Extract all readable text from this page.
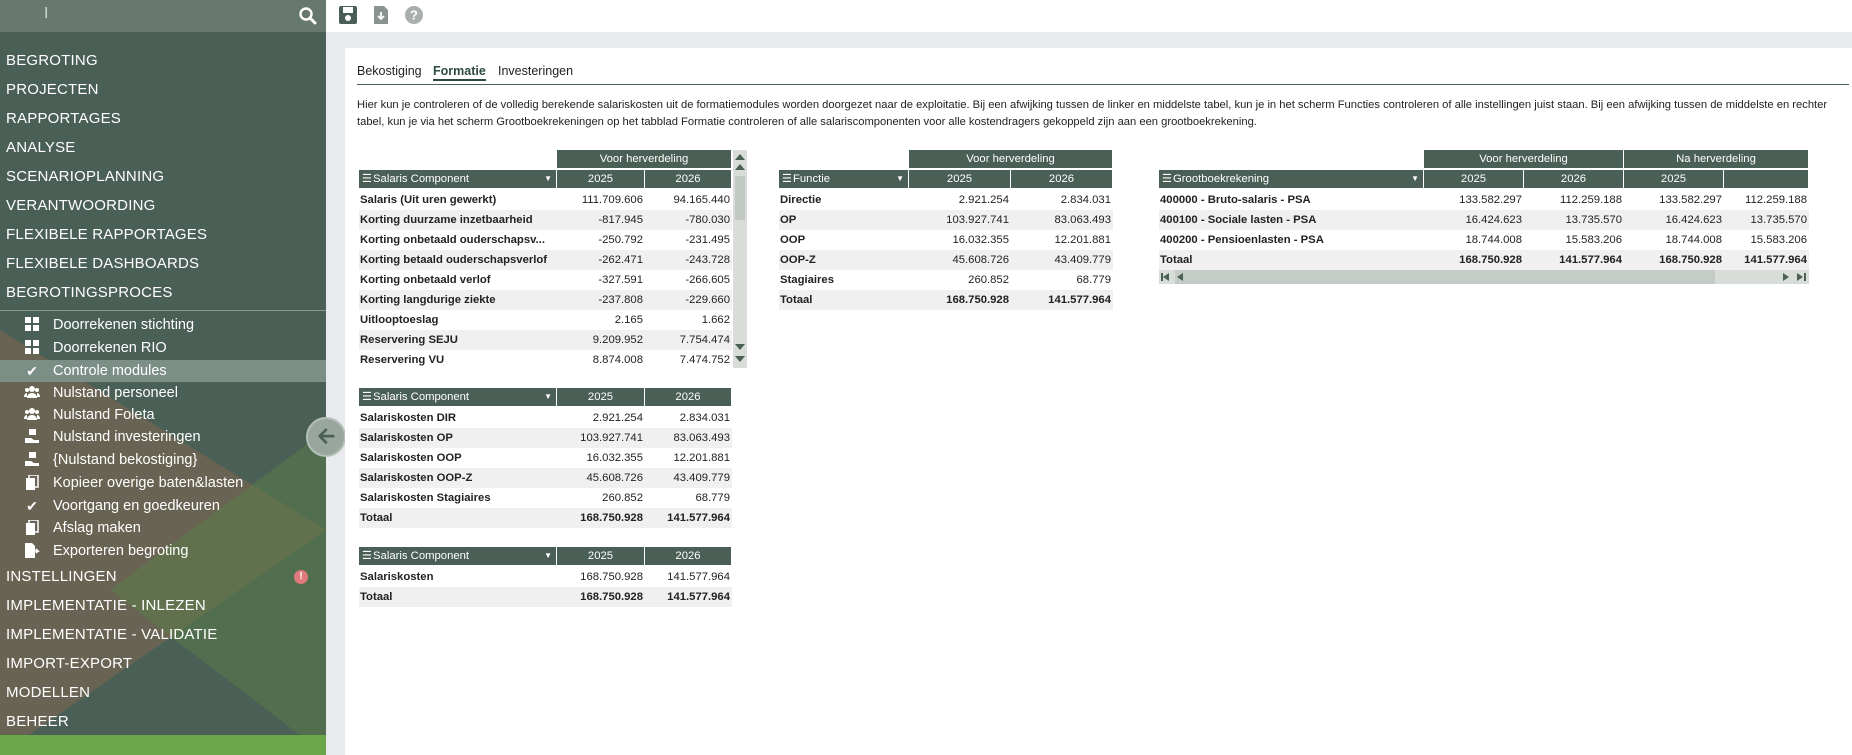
I
BEGROTING
PROJECTEN
RAPPORTAGES
ANALYSE
SCENARIOPLANNING
VERANTWOORDING
FLEXIBELE RAPPORTAGES
FLEXIBELE DASHBOARDS
BEGROTINGSPROCES
Doorrekenen stichting
Doorrekenen RIO
✔ Controle modules
Nulstand personeel
Nulstand Foleta
Nulstand investeringen
{Nulstand bekostiging}
Kopieer overige baten&lasten
✔ Voortgang en goedkeuren
Afslag maken
Exporteren begroting
INSTELLINGEN	!
IMPLEMENTATIE - INLEZEN
IMPLEMENTATIE - VALIDATIE
IMPORT-EXPORT
MODELLEN
BEHEER
?
Bekostiging Formatie Investeringen
Hier kun je controleren of de volledig berekende salariskosten uit de formatiemodules worden doorgezet naar de exploitatie. Bij een afwijking tussen de linker en middelste tabel, kun je in het scherm Functies controleren of alle instellingen juist staan. Bij een afwijking tussen de middelste en rechter tabel, kun je via het scherm Grootboekrekeningen op het tabblad Formatie controleren of alle salariscomponenten voor alle kostendragers gekoppeld zijn aan een grootboekrekening.
Voor herverdeling
☰ Salaris Component	▼	2025	2026
Salaris (Uit uren gewerkt)	111.709.606	94.165.440
Korting duurzame inzetbaarheid	-817.945	-780.030
Korting onbetaald ouderschapsv...	-250.792	-231.495
Korting betaald ouderschapsverlof	-262.471	-243.728
Korting onbetaald verlof	-327.591	-266.605
Korting langdurige ziekte	-237.808	-229.660
Uitlooptoeslag	2.165	1.662
Reservering SEJU	9.209.952	7.754.474
Reservering VU	8.874.008	7.474.752
☰ Salaris Component	▼	2025	2026
Salariskosten DIR	2.921.254	2.834.031
Salariskosten OP	103.927.741	83.063.493
Salariskosten OOP	16.032.355	12.201.881
Salariskosten OOP-Z	45.608.726	43.409.779
Salariskosten Stagiaires	260.852	68.779
Totaal	168.750.928	141.577.964
☰ Salaris Component	▼	2025	2026
Salariskosten	168.750.928	141.577.964
Totaal	168.750.928	141.577.964
Voor herverdeling
☰ Functie	▼	2025	2026
Directie	2.921.254	2.834.031
OP	103.927.741	83.063.493
OOP	16.032.355	12.201.881
OOP-Z	45.608.726	43.409.779
Stagiaires	260.852	68.779
Totaal	168.750.928	141.577.964
Voor herverdeling	Na herverdeling
☰ Grootboekrekening	▼	2025	2026	2025
400000 - Bruto-salaris - PSA	133.582.297	112.259.188	133.582.297	112.259.188
400100 - Sociale lasten - PSA	16.424.623	13.735.570	16.424.623	13.735.570
400200 - Pensioenlasten - PSA	18.744.008	15.583.206	18.744.008	15.583.206
Totaal	168.750.928	141.577.964	168.750.928	141.577.964
